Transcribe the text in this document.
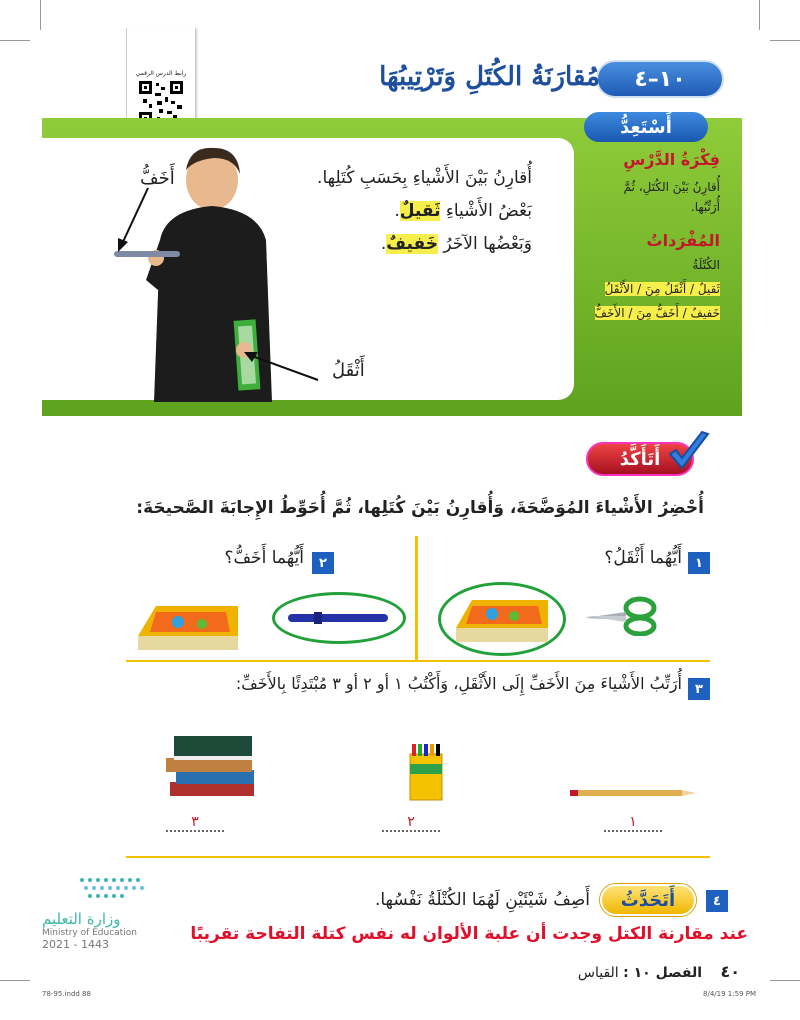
رابط الدرس الرقمي	١٠–٤
مُقارَنَةُ الكُتَلِ وَتَرْتِيبُهَا
أَسْتَعِدُّ
فِكْرَةُ الدَّرْسِ
أُقارِنُ بَيْنَ الكُتَلِ، ثُمَّ أُرَتِّبُها.
المُفْرَداتُ
الكُتْلَةُ
ثَقيلٌ / أَثْقَلُ مِنَ / الأَثْقَلُ
خَفيفٌ / أَخَفُّ مِنَ / الأَخَفُّ
أَخَفُّ
أَثْقَلُ
أُقارِنُ بَيْنَ الأَشْياءِ بِحَسَبِ كُتَلِها.
بَعْضُ الأَشْياءِ ثَقيلٌ.
وَبَعْضُها الآخَرُ خَفيفٌ.
أَتَأَكَّدُ
أُحْضِرُ الأَشْياءَ المُوَضَّحَةَ، وَأُقارِنُ بَيْنَ كُتَلِها، ثُمَّ أُحَوِّطُ الإِجابَةَ الصَّحيحَةَ:
١
أَيُّهُما أَثْقَلُ؟
٢
أَيُّهُما أَخَفُّ؟
٣
أُرَتِّبُ الأَشْياءَ مِنَ الأَخَفِّ إِلَى الأَثْقَلِ، وَأَكْتُبُ ١ أو ٢ أو ٣ مُبْتَدِئًا بِالأَخَفِّ:
١
٢
٣
٤
أَتَحَدَّثُ
أَصِفُ شَيْئَيْنِ لَهُمَا الكُتْلَةُ نَفْسُها.
عند مقارنة الكتل وجدت أن علبة الألوان له نفس كتلة التفاحة تقريبًا
وزارة التعليم
Ministry of Education
2021 - 1443
٤٠ الفصل ١٠ : القياس
78-95.indd 88	8/4/19 1:59 PM
